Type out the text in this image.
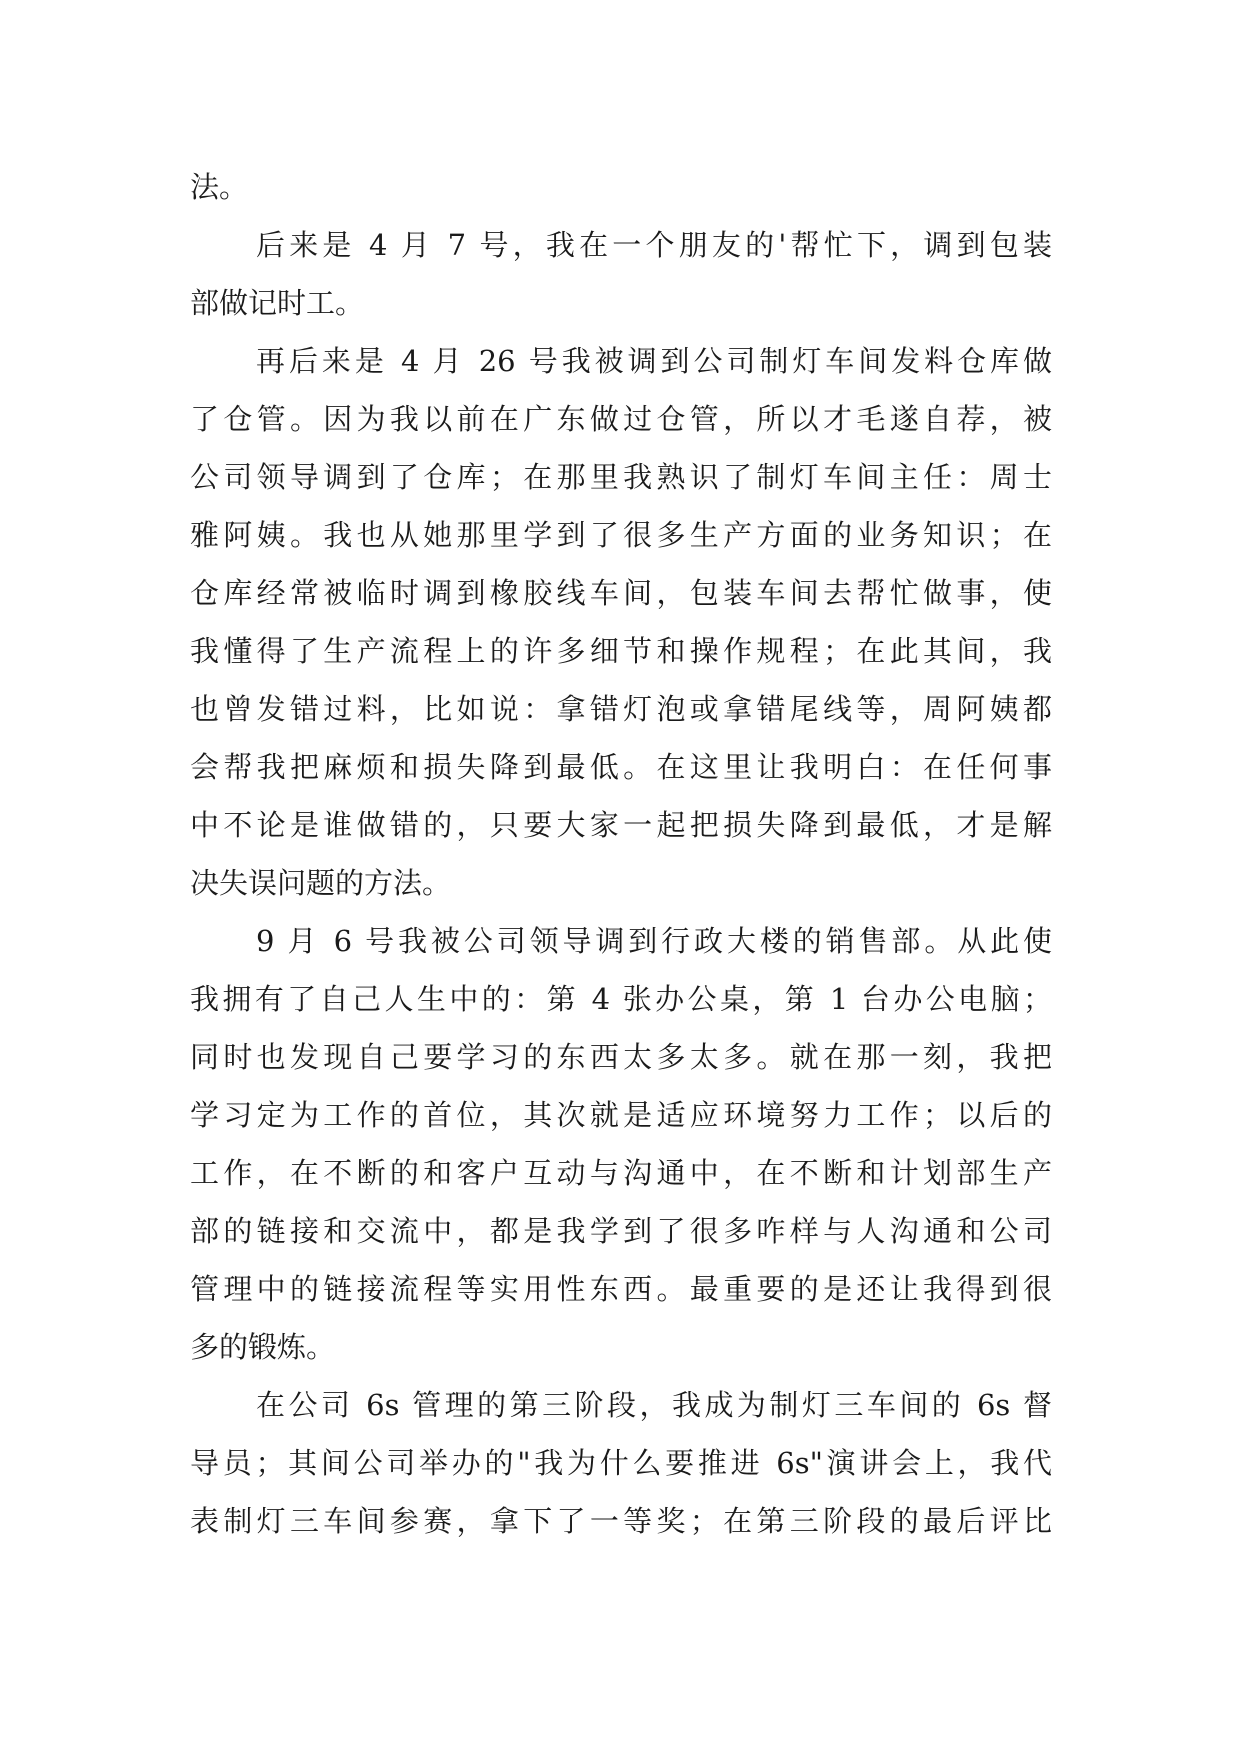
法。
后来是 4 月 7 号，我在一个朋友的'帮忙下，调到包装
部做记时工。
再后来是 4 月 26 号我被调到公司制灯车间发料仓库做
了仓管。因为我以前在广东做过仓管，所以才毛遂自荐，被
公司领导调到了仓库；在那里我熟识了制灯车间主任：周士
雅阿姨。我也从她那里学到了很多生产方面的业务知识；在
仓库经常被临时调到橡胶线车间，包装车间去帮忙做事，使
我懂得了生产流程上的许多细节和操作规程；在此其间，我
也曾发错过料，比如说：拿错灯泡或拿错尾线等，周阿姨都
会帮我把麻烦和损失降到最低。在这里让我明白：在任何事
中不论是谁做错的，只要大家一起把损失降到最低，才是解
决失误问题的方法。
9 月 6 号我被公司领导调到行政大楼的销售部。从此使
我拥有了自己人生中的：第 4 张办公桌，第 1 台办公电脑；
同时也发现自己要学习的东西太多太多。就在那一刻，我把
学习定为工作的首位，其次就是适应环境努力工作；以后的
工作，在不断的和客户互动与沟通中，在不断和计划部生产
部的链接和交流中，都是我学到了很多咋样与人沟通和公司
管理中的链接流程等实用性东西。最重要的是还让我得到很
多的锻炼。
在公司 6s 管理的第三阶段，我成为制灯三车间的 6s 督
导员；其间公司举办的"我为什么要推进 6s"演讲会上，我代
表制灯三车间参赛，拿下了一等奖；在第三阶段的最后评比
